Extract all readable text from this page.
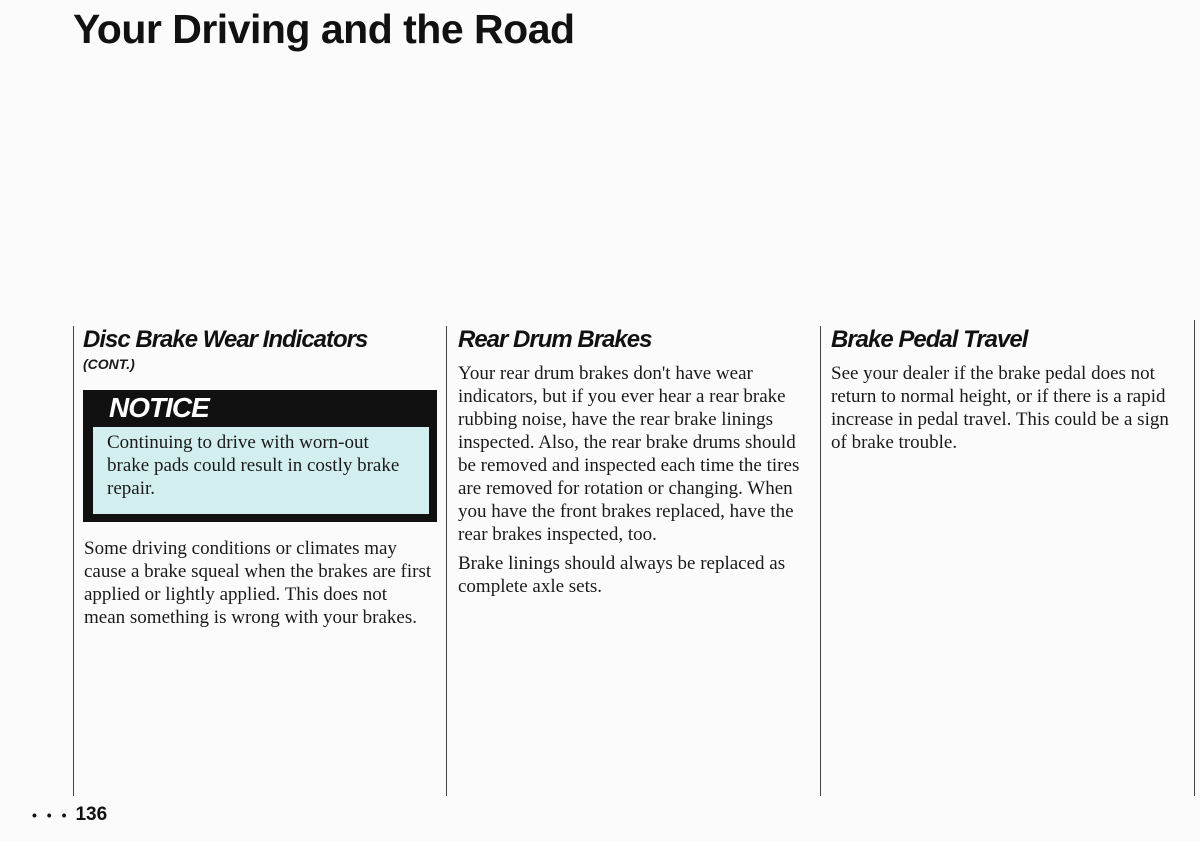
Your Driving and the Road
Disc Brake Wear Indicators
(CONT.)
NOTICE
Continuing to drive with worn-out brake pads could result in costly brake repair.

Some driving conditions or climates may cause a brake squeal when the brakes are first applied or lightly applied. This does not mean something is wrong with your brakes.

Rear Drum Brakes

Your rear drum brakes don't have wear indicators, but if you ever hear a rear brake rubbing noise, have the rear brake linings inspected. Also, the rear brake drums should be removed and inspected each time the tires are removed for rotation or changing. When you have the front brakes replaced, have the rear brakes inspected, too.

Brake linings should always be replaced as complete axle sets.

Brake Pedal Travel

See your dealer if the brake pedal does not return to normal height, or if there is a rapid increase in pedal travel. This could be a sign of brake trouble.

• • • 136
